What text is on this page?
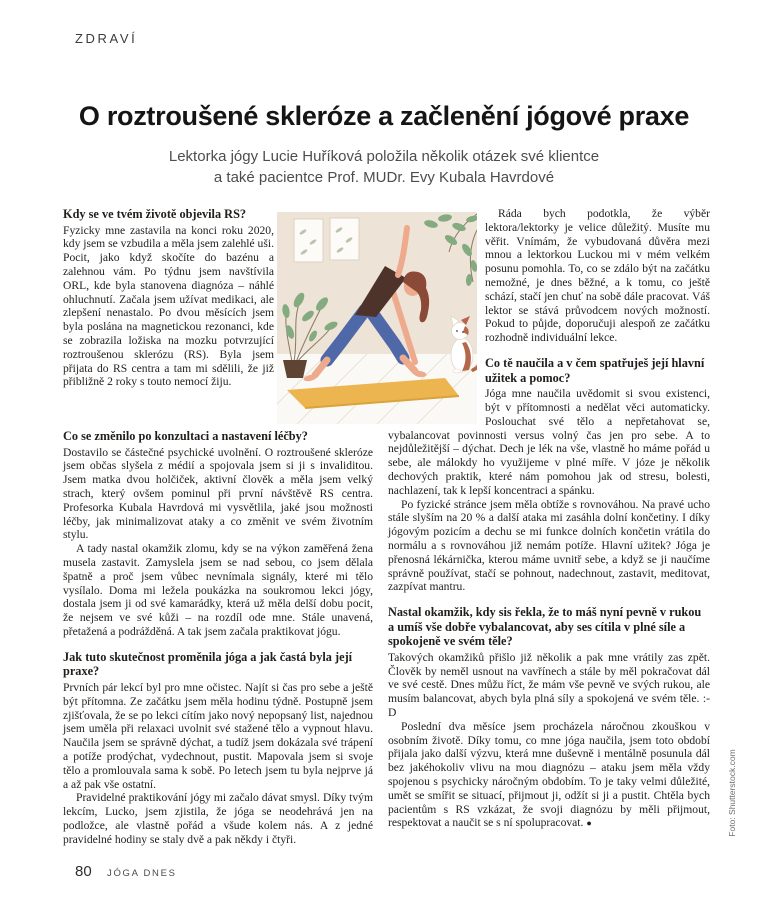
ZDRAVÍ
O roztroušené skleróze a začlenění jógové praxe
Lektorka jógy Lucie Huříková položila několik otázek své klientce
a také pacientce Prof. MUDr. Evy Kubala Havrdové
Kdy se ve tvém životě objevila RS?

Fyzicky mne zastavila na konci roku 2020, kdy jsem se vzbudila a měla jsem zalehlé uši. Pocit, jako když skočíte do bazénu a zalehnou vám. Po týdnu jsem navštívila ORL, kde byla stanovena diagnóza – náhlé ohluchnutí. Začala jsem užívat medikaci, ale zlepšení nenastalo. Po dvou měsících jsem byla poslána na magnetickou rezonanci, kde se zobrazila ložiska na mozku potvrzující roztroušenou sklerózu (RS). Byla jsem přijata do RS centra a tam mi sdělili, že již přibližně 2 roky s touto nemocí žiju.

Co se změnilo po konzultaci a nastavení léčby?

Dostavilo se částečné psychické uvolnění. O roztroušené skleróze jsem občas slyšela z médií a spojovala jsem si ji s invaliditou. Jsem matka dvou holčiček, aktivní člověk a měla jsem velký strach, který ovšem pominul při první návštěvě RS centra. Profesorka Kubala Havrdová mi vysvětlila, jaké jsou možnosti léčby, jak minimalizovat ataky a co změnit ve svém životním stylu.

A tady nastal okamžik zlomu, kdy se na výkon zaměřená žena musela zastavit. Zamyslela jsem se nad sebou, co jsem dělala špatně a proč jsem vůbec nevnímala signály, které mi tělo vysílalo. Doma mi ležela poukázka na soukromou lekci jógy, dostala jsem ji od své kamarádky, která už měla delší dobu pocit, že nejsem ve své kůži – na rozdíl ode mne. Stále unavená, přetažená a podrážděná. A tak jsem začala praktikovat jógu.

Jak tuto skutečnost proměnila jóga a jak častá byla její praxe?

Prvních pár lekcí byl pro mne očistec. Najít si čas pro sebe a ještě být přítomna. Ze začátku jsem měla hodinu týdně. Postupně jsem zjišťovala, že se po lekci cítím jako nový nepopsaný list, najednou jsem uměla při relaxaci uvolnit své stažené tělo a vypnout hlavu. Naučila jsem se správně dýchat, a tudíž jsem dokázala své trápení a potíže prodýchat, vydechnout, pustit. Mapovala jsem si svoje tělo a promlouvala sama k sobě. Po letech jsem tu byla nejprve já a až pak vše ostatní.

Pravidelné praktikování jógy mi začalo dávat smysl. Díky tvým lekcím, Lucko, jsem zjistila, že jóga se neodehrává jen na podložce, ale vlastně pořád a všude kolem nás. A z jedné pravidelné hodiny se staly dvě a pak někdy i čtyři.

Ráda bych podotkla, že výběr lektora/lektorky je velice důležitý. Musíte mu věřit. Vnímám, že vybudovaná důvěra mezi mnou a lektorkou Luckou mi v mém velkém posunu pomohla. To, co se zdálo být na začátku nemožné, je dnes běžné, a k tomu, co ještě schází, stačí jen chuť na sobě dále pracovat. Váš lektor se stává průvodcem nových možností. Pokud to půjde, doporučuji alespoň ze začátku rozhodně individuální lekce.

Co tě naučila a v čem spatřuješ její hlavní užitek a pomoc?

Jóga mne naučila uvědomit si svou existenci, být v přítomnosti a nedělat věci automaticky. Poslouchat své tělo a nepřetahovat se, vybalancovat povinnosti versus volný čas jen pro sebe. A to nejdůležitější – dýchat. Dech je lék na vše, vlastně ho máme pořád u sebe, ale málokdy ho využijeme v plné míře. V józe je několik dechových praktik, které nám pomohou jak od stresu, bolesti, nachlazení, tak k lepší koncentraci a spánku.

Po fyzické stránce jsem měla obtíže s rovnováhou. Na pravé ucho stále slyším na 20 % a další ataka mi zasáhla dolní končetiny. I díky jógovým pozicím a dechu se mi funkce dolních končetin vrátila do normálu a s rovnováhou již nemám potíže. Hlavní užitek? Jóga je přenosná lékárnička, kterou máme uvnitř sebe, a když se ji naučíme správně používat, stačí se pohnout, nadechnout, zastavit, meditovat, zazpívat mantru.

Nastal okamžik, kdy sis řekla, že to máš nyní pevně v rukou a umíš vše dobře vybalancovat, aby ses cítila v plné síle a spokojeně ve svém těle?

Takových okamžiků přišlo již několik a pak mne vrátily zas zpět. Člověk by neměl usnout na vavřínech a stále by měl pokračovat dál ve své cestě. Dnes můžu říct, že mám vše pevně ve svých rukou, ale musím balancovat, abych byla plná síly a spokojená ve svém těle. :-D

Poslední dva měsíce jsem procházela náročnou zkouškou v osobním životě. Díky tomu, co mne jóga naučila, jsem toto období přijala jako další výzvu, která mne duševně i mentálně posunula dál bez jakéhokoliv vlivu na mou diagnózu – ataku jsem měla vždy spojenou s psychicky náročným obdobím. To je taky velmi důležité, umět se smířit se situací, přijmout ji, odžít si ji a pustit. Chtěla bych pacientům s RS vzkázat, že svoji diagnózu by měli přijmout, respektovat a naučit se s ní spolupracovat. ●

80 JÓGA DNES
Foto: Shutterstock.com
